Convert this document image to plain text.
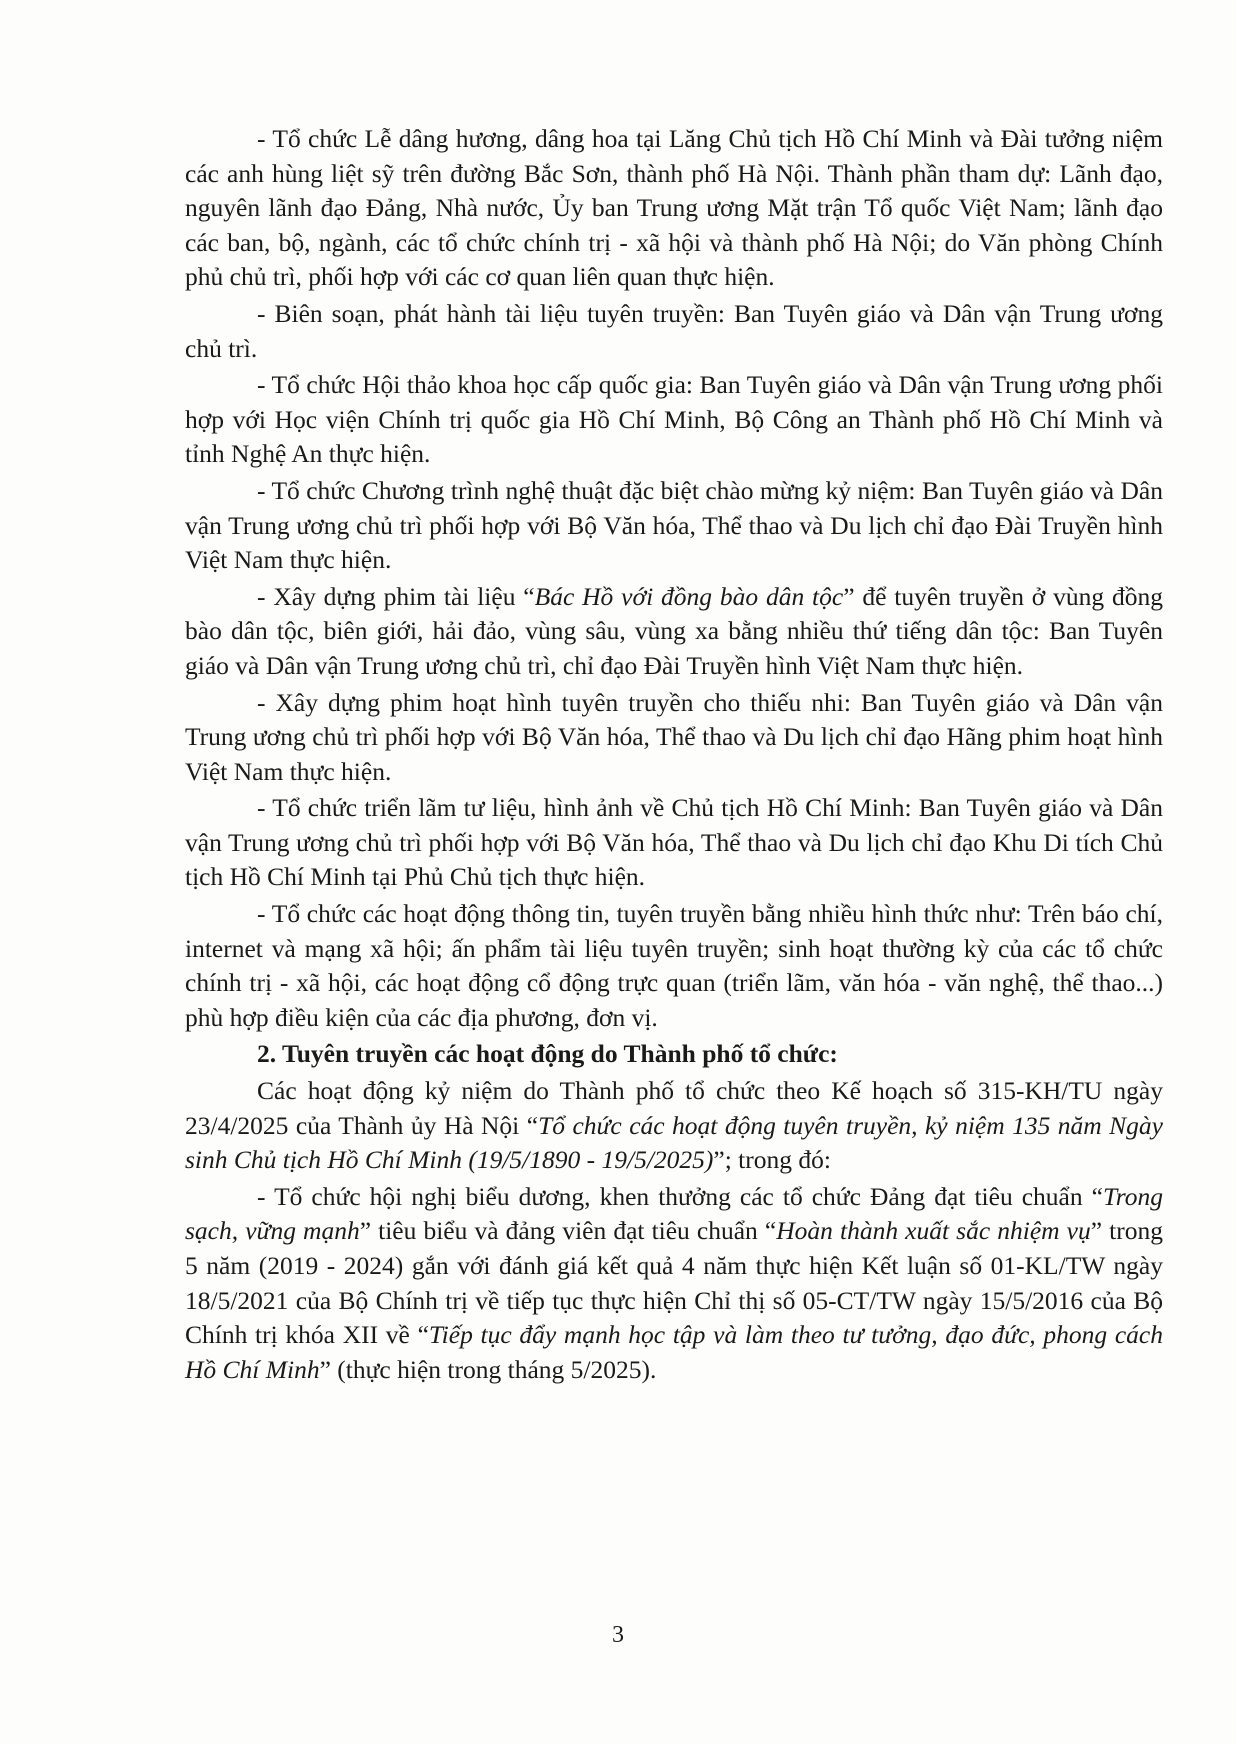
- Tổ chức Lễ dâng hương, dâng hoa tại Lăng Chủ tịch Hồ Chí Minh và Đài tưởng niệm các anh hùng liệt sỹ trên đường Bắc Sơn, thành phố Hà Nội. Thành phần tham dự: Lãnh đạo, nguyên lãnh đạo Đảng, Nhà nước, Ủy ban Trung ương Mặt trận Tổ quốc Việt Nam; lãnh đạo các ban, bộ, ngành, các tổ chức chính trị - xã hội và thành phố Hà Nội; do Văn phòng Chính phủ chủ trì, phối hợp với các cơ quan liên quan thực hiện.

- Biên soạn, phát hành tài liệu tuyên truyền: Ban Tuyên giáo và Dân vận Trung ương chủ trì.

- Tổ chức Hội thảo khoa học cấp quốc gia: Ban Tuyên giáo và Dân vận Trung ương phối hợp với Học viện Chính trị quốc gia Hồ Chí Minh, Bộ Công an Thành phố Hồ Chí Minh và tỉnh Nghệ An thực hiện.

- Tổ chức Chương trình nghệ thuật đặc biệt chào mừng kỷ niệm: Ban Tuyên giáo và Dân vận Trung ương chủ trì phối hợp với Bộ Văn hóa, Thể thao và Du lịch chỉ đạo Đài Truyền hình Việt Nam thực hiện.

- Xây dựng phim tài liệu “Bác Hồ với đồng bào dân tộc” để tuyên truyền ở vùng đồng bào dân tộc, biên giới, hải đảo, vùng sâu, vùng xa bằng nhiều thứ tiếng dân tộc: Ban Tuyên giáo và Dân vận Trung ương chủ trì, chỉ đạo Đài Truyền hình Việt Nam thực hiện.

- Xây dựng phim hoạt hình tuyên truyền cho thiếu nhi: Ban Tuyên giáo và Dân vận Trung ương chủ trì phối hợp với Bộ Văn hóa, Thể thao và Du lịch chỉ đạo Hãng phim hoạt hình Việt Nam thực hiện.

- Tổ chức triển lãm tư liệu, hình ảnh về Chủ tịch Hồ Chí Minh: Ban Tuyên giáo và Dân vận Trung ương chủ trì phối hợp với Bộ Văn hóa, Thể thao và Du lịch chỉ đạo Khu Di tích Chủ tịch Hồ Chí Minh tại Phủ Chủ tịch thực hiện.

- Tổ chức các hoạt động thông tin, tuyên truyền bằng nhiều hình thức như: Trên báo chí, internet và mạng xã hội; ấn phẩm tài liệu tuyên truyền; sinh hoạt thường kỳ của các tổ chức chính trị - xã hội, các hoạt động cổ động trực quan (triển lãm, văn hóa - văn nghệ, thể thao...) phù hợp điều kiện của các địa phương, đơn vị.

2. Tuyên truyền các hoạt động do Thành phố tổ chức:

Các hoạt động kỷ niệm do Thành phố tổ chức theo Kế hoạch số 315-KH/TU ngày 23/4/2025 của Thành ủy Hà Nội “Tổ chức các hoạt động tuyên truyền, kỷ niệm 135 năm Ngày sinh Chủ tịch Hồ Chí Minh (19/5/1890 - 19/5/2025)”; trong đó:

- Tổ chức hội nghị biểu dương, khen thưởng các tổ chức Đảng đạt tiêu chuẩn “Trong sạch, vững mạnh” tiêu biểu và đảng viên đạt tiêu chuẩn “Hoàn thành xuất sắc nhiệm vụ” trong 5 năm (2019 - 2024) gắn với đánh giá kết quả 4 năm thực hiện Kết luận số 01-KL/TW ngày 18/5/2021 của Bộ Chính trị về tiếp tục thực hiện Chỉ thị số 05-CT/TW ngày 15/5/2016 của Bộ Chính trị khóa XII về “Tiếp tục đẩy mạnh học tập và làm theo tư tưởng, đạo đức, phong cách Hồ Chí Minh” (thực hiện trong tháng 5/2025).

3
